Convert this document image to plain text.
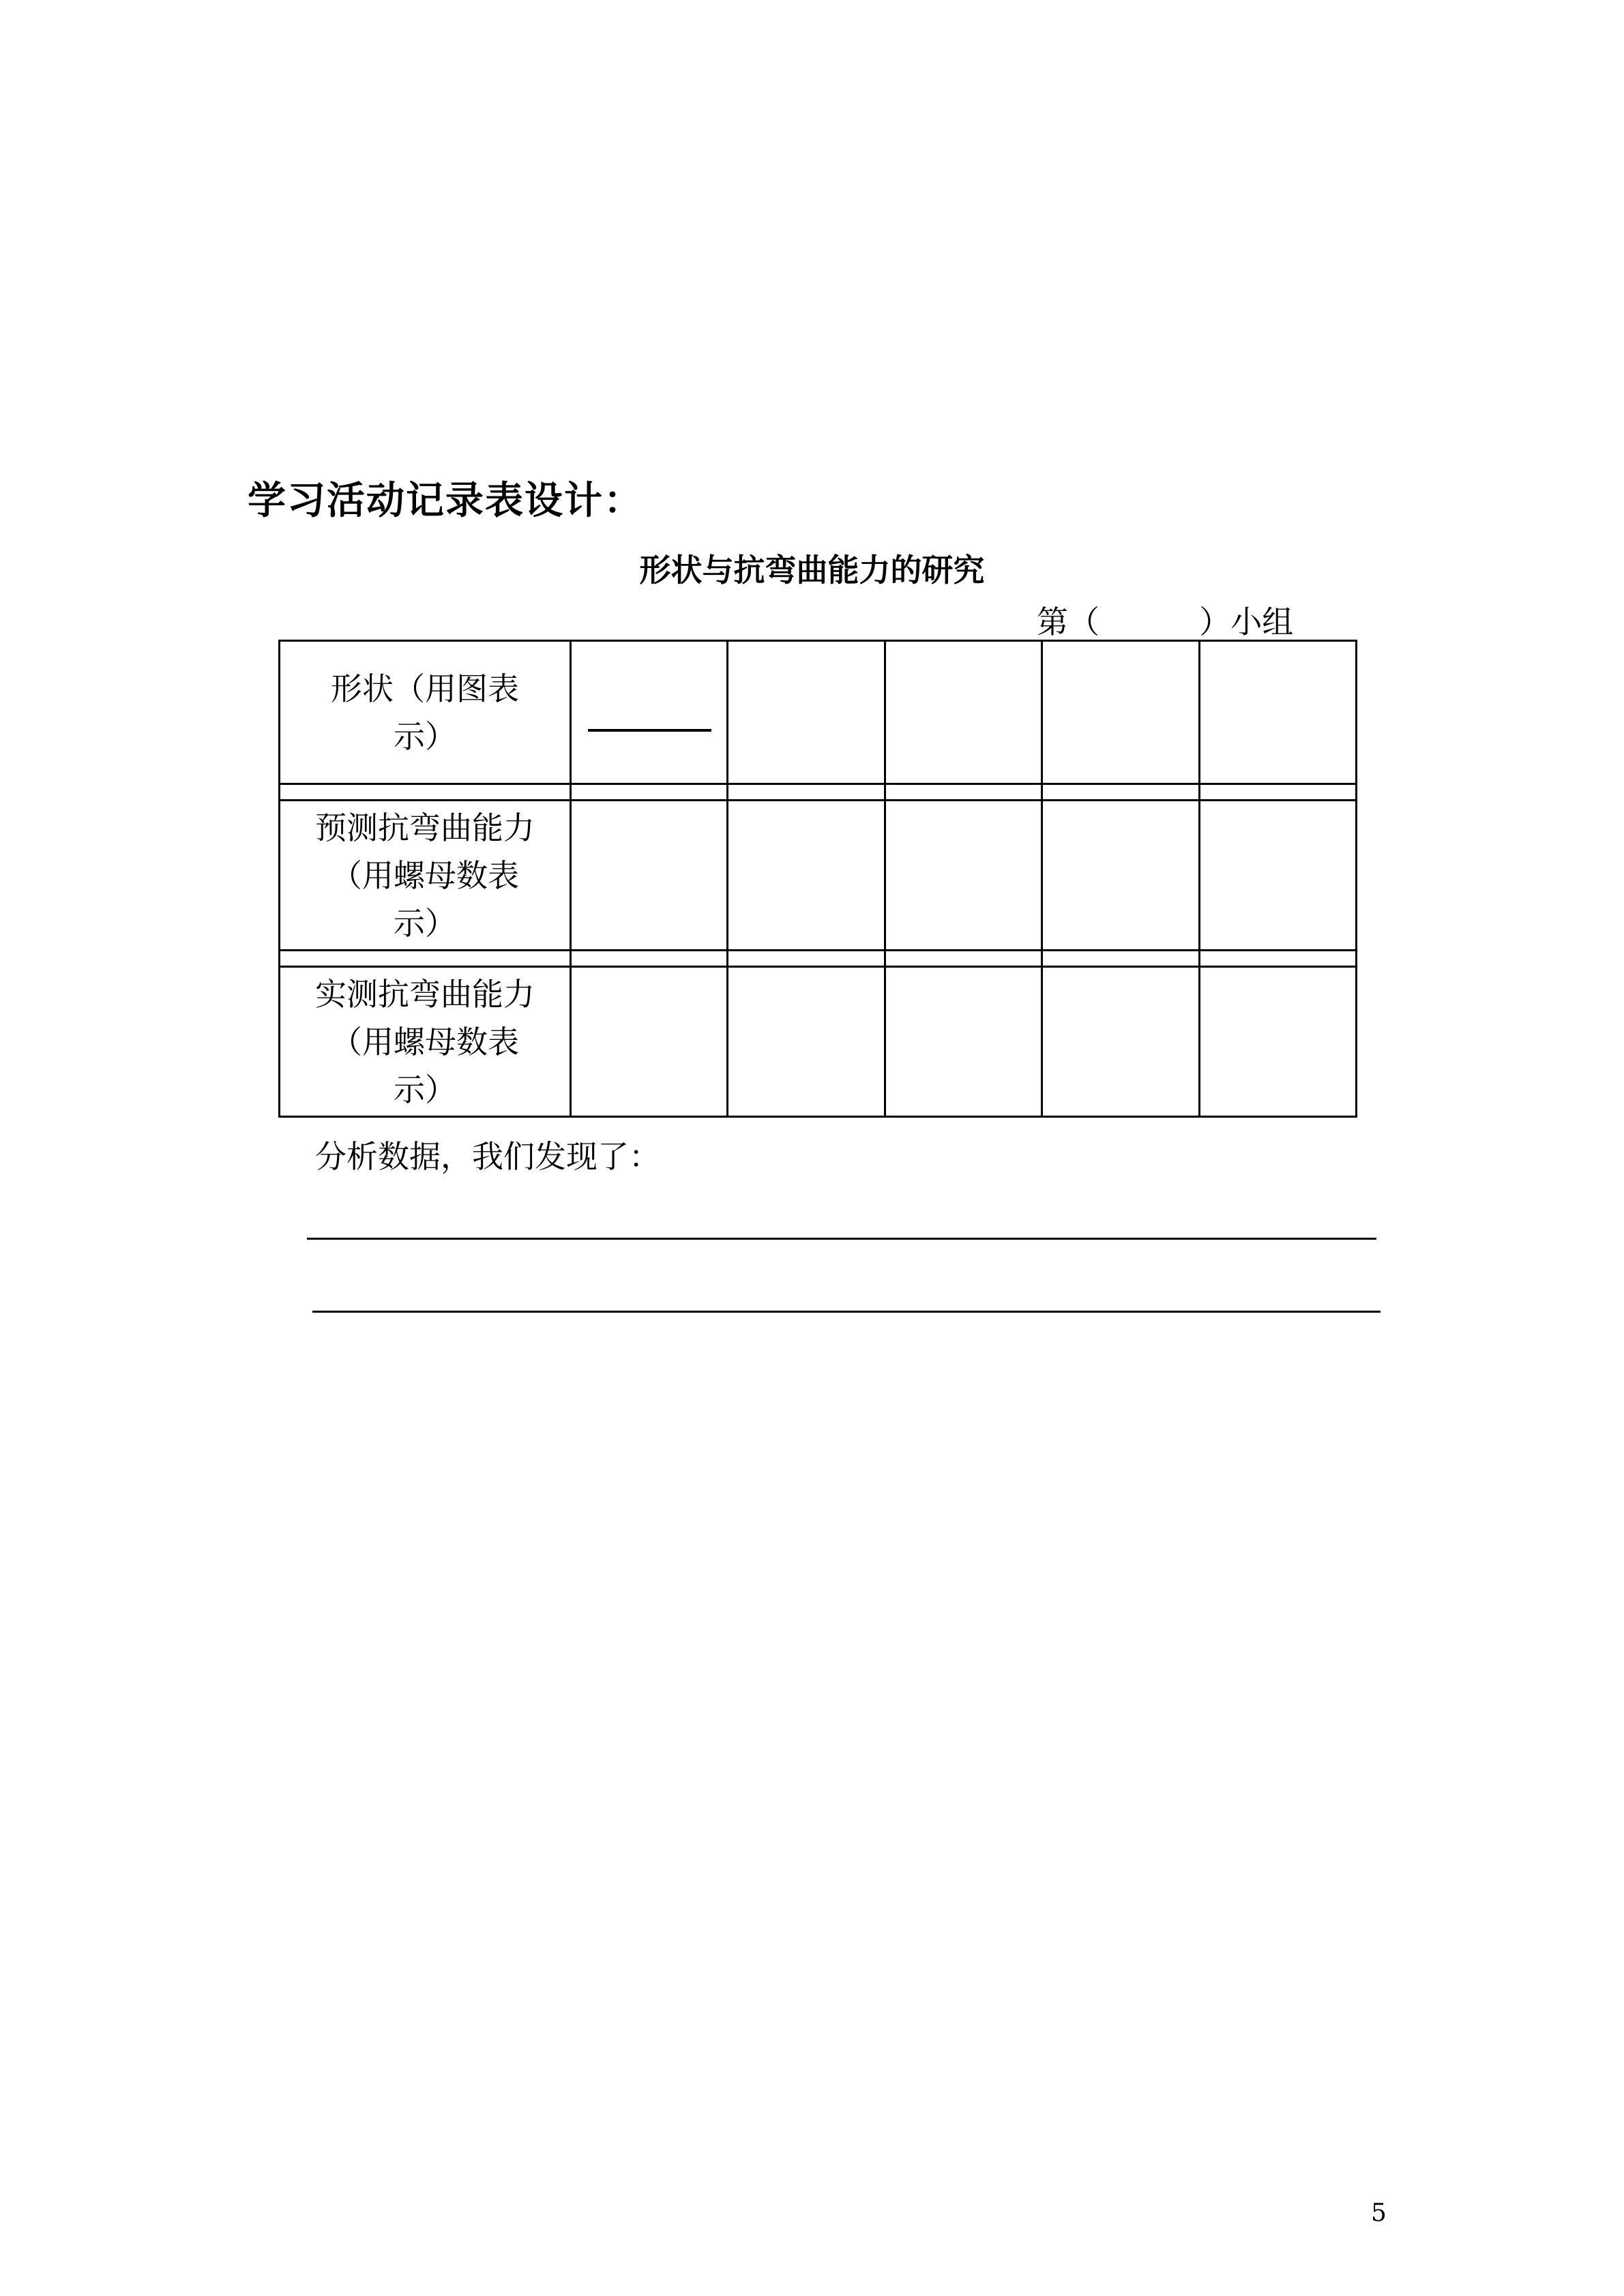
学习活动记录表设计：
形状与抗弯曲能力的研究
第（          ）小组
形状（用图表
示）					

预测抗弯曲能力
（用螺母数表
示）					

实测抗弯曲能力
（用螺母数表
示）					

分析数据，我们发现了：
5
